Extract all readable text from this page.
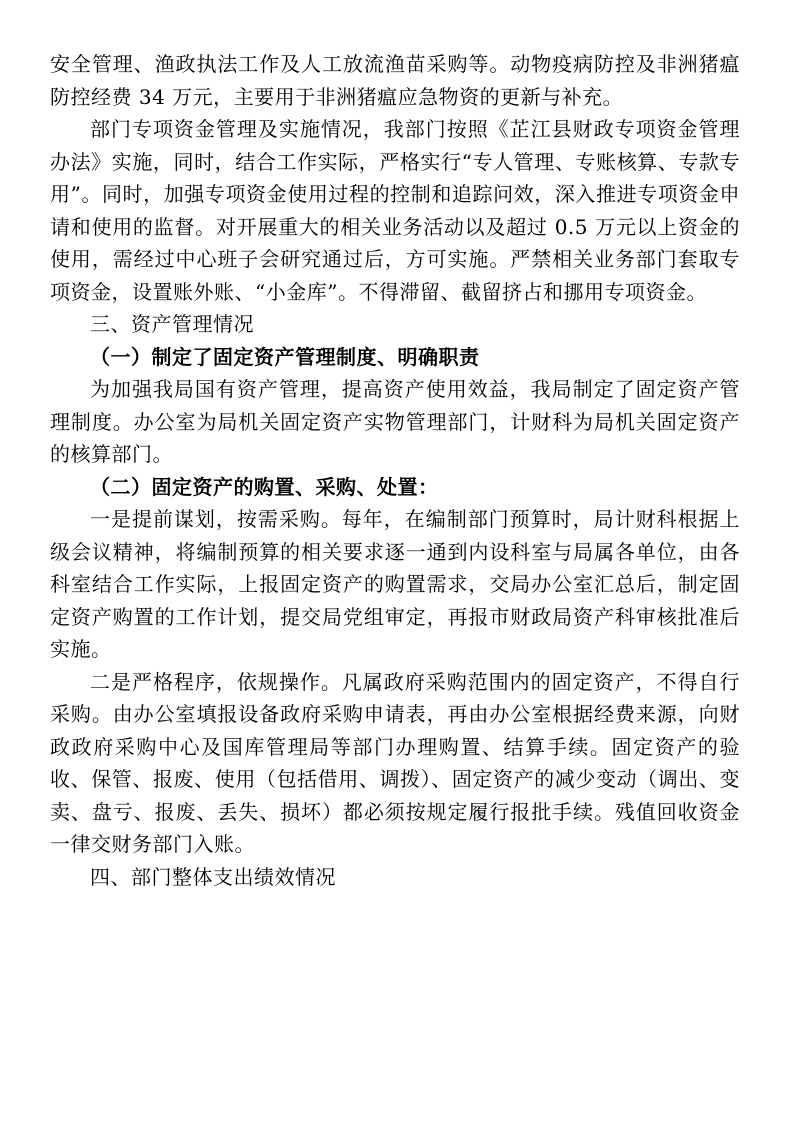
安全管理、渔政执法工作及人工放流渔苗采购等。动物疫病防控及非洲猪瘟防控经费 34 万元，主要用于非洲猪瘟应急物资的更新与补充。

部门专项资金管理及实施情况，我部门按照《芷江县财政专项资金管理办法》实施，同时，结合工作实际，严格实行“专人管理、专账核算、专款专用”。同时，加强专项资金使用过程的控制和追踪问效，深入推进专项资金申请和使用的监督。对开展重大的相关业务活动以及超过 0.5 万元以上资金的使用，需经过中心班子会研究通过后，方可实施。严禁相关业务部门套取专项资金，设置账外账、“小金库”。不得滞留、截留挤占和挪用专项资金。

三、资产管理情况

（一）制定了固定资产管理制度、明确职责

为加强我局国有资产管理，提高资产使用效益，我局制定了固定资产管理制度。办公室为局机关固定资产实物管理部门，计财科为局机关固定资产的核算部门。

（二）固定资产的购置、采购、处置：

一是提前谋划，按需采购。每年，在编制部门预算时，局计财科根据上级会议精神，将编制预算的相关要求逐一通到内设科室与局属各单位，由各科室结合工作实际，上报固定资产的购置需求，交局办公室汇总后，制定固定资产购置的工作计划，提交局党组审定，再报市财政局资产科审核批准后实施。

二是严格程序，依规操作。凡属政府采购范围内的固定资产，不得自行采购。由办公室填报设备政府采购申请表，再由办公室根据经费来源，向财政政府采购中心及国库管理局等部门办理购置、结算手续。固定资产的验收、保管、报废、使用（包括借用、调拨）、固定资产的减少变动（调出、变卖、盘亏、报废、丢失、损坏）都必须按规定履行报批手续。残值回收资金一律交财务部门入账。

四、部门整体支出绩效情况
